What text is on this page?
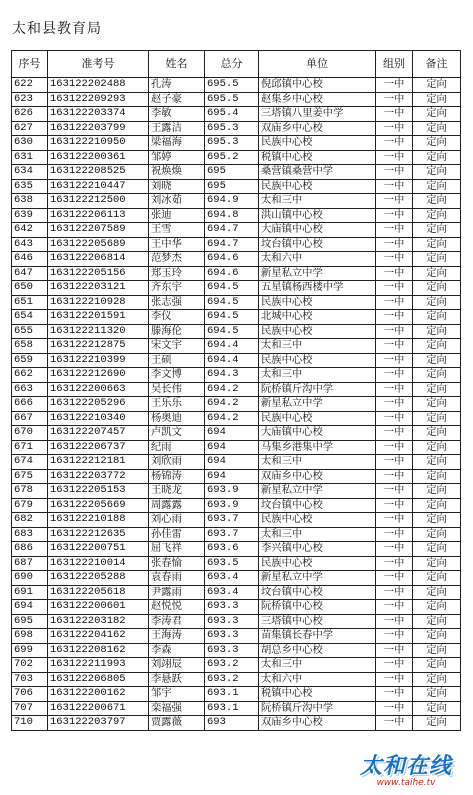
太和县教育局
序号	准考号	姓名	总分	单位	组别	备注
622	163122202488	孔涛	695.5	倪邱镇中心校	一中	定向
623	163122209293	赵子豪	695.5	赵集乡中心校	一中	定向
626	163122203374	李敏	695.4	三塔镇八里姜中学	一中	定向
627	163122203799	王露洁	695.3	双庙乡中心校	一中	定向
630	163122210950	梁福海	695.3	民族中心校	一中	定向
631	163122200361	邹婷	695.2	税镇中心校	一中	定向
634	163122208525	祝焕焕	695	桑营镇桑营中学	一中	定向
635	163122210447	刘晓	695	民族中心校	一中	定向
638	163122212500	刘冰茹	694.9	太和三中	一中	定向
639	163122206113	张迪	694.8	洪山镇中心校	一中	定向
642	163122207589	王雪	694.7	大庙镇中心校	一中	定向
643	163122205689	王中华	694.7	坟台镇中心校	一中	定向
646	163122206814	范梦杰	694.6	太和六中	一中	定向
647	163122205156	郑玉玲	694.6	新星私立中学	一中	定向
650	163122203121	齐东宇	694.5	五星镇杨西楼中学	一中	定向
651	163122210928	张志强	694.5	民族中心校	一中	定向
654	163122201591	李仪	694.5	北城中心校	一中	定向
655	163122211320	滕海伦	694.5	民族中心校	一中	定向
658	163122212875	宋文宇	694.4	太和三中	一中	定向
659	163122210399	王硕	694.4	民族中心校	一中	定向
662	163122212690	李文博	694.3	太和三中	一中	定向
663	163122200663	吴长伟	694.2	阮桥镇斤沟中学	一中	定向
666	163122205296	王乐乐	694.2	新星私立中学	一中	定向
667	163122210340	杨奥迪	694.2	民族中心校	一中	定向
670	163122207457	卢凯文	694	大庙镇中心校	一中	定向
671	163122206737	纪雨	694	马集乡港集中学	一中	定向
674	163122212181	刘欣雨	694	太和三中	一中	定向
675	163122203772	杨锦涛	694	双庙乡中心校	一中	定向
678	163122205153	王晓龙	693.9	新星私立中学	一中	定向
679	163122205669	周露露	693.9	坟台镇中心校	一中	定向
682	163122210188	刘心雨	693.7	民族中心校	一中	定向
683	163122212635	孙佳雷	693.7	太和三中	一中	定向
686	163122200751	屈飞祥	693.6	李兴镇中心校	一中	定向
687	163122210014	张春愉	693.5	民族中心校	一中	定向
690	163122205288	袁春雨	693.4	新星私立中学	一中	定向
691	163122205618	尹露雨	693.4	坟台镇中心校	一中	定向
694	163122200601	赵悦悦	693.3	阮桥镇中心校	一中	定向
695	163122203182	李涛君	693.3	三塔镇中心校	一中	定向
698	163122204162	王海涛	693.3	苗集镇长春中学	一中	定向
699	163122208162	李森	693.3	胡总乡中心校	一中	定向
702	163122211993	刘翊辰	693.2	太和三中	一中	定向
703	163122206805	李悬跃	693.2	太和六中	一中	定向
706	163122200162	邹宇	693.1	税镇中心校	一中	定向
707	163122200671	栾福强	693.1	阮桥镇斤沟中学	一中	定向
710	163122203797	贾露薇	693	双庙乡中心校	一中	定向
太和在线
www.taihe.tv
